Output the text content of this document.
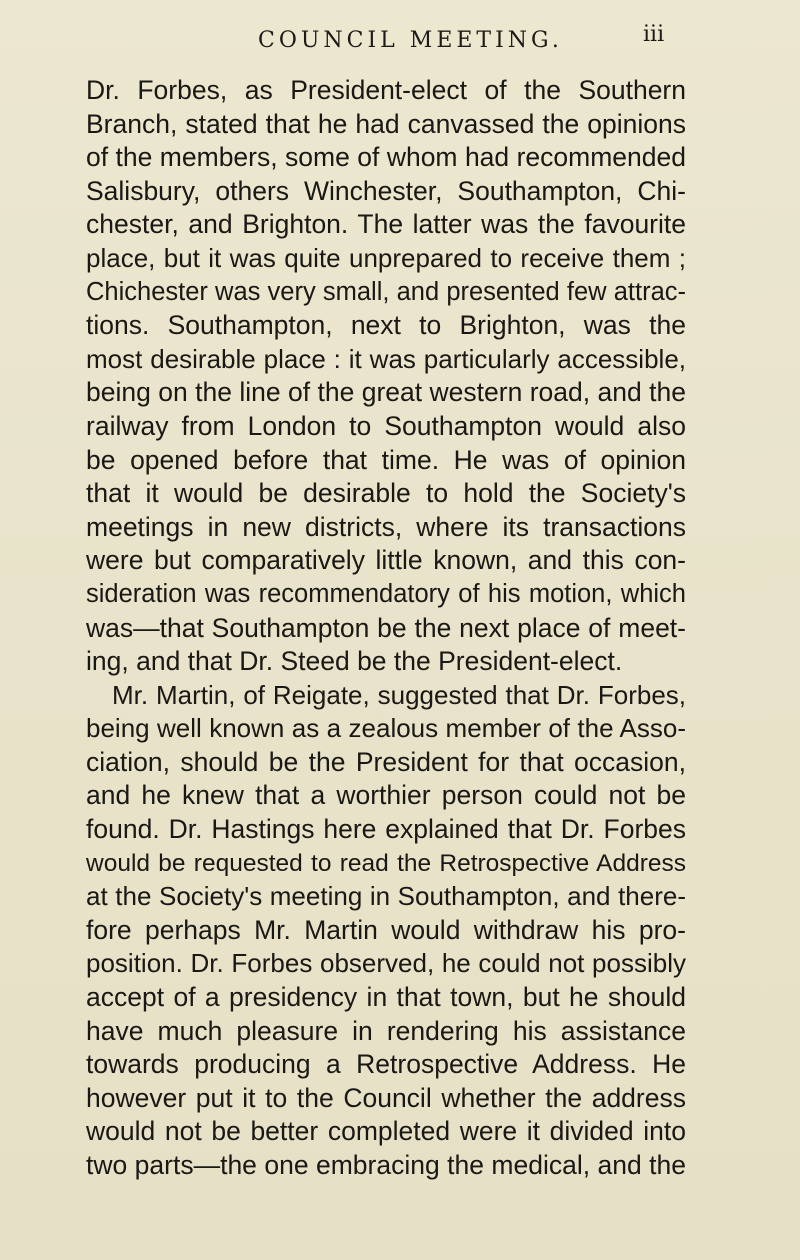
COUNCIL MEETING.	iii
Dr. Forbes, as President-elect of the Southern
Branch, stated that he had canvassed the opinions
of the members, some of whom had recommended
Salisbury, others Winchester, Southampton, Chi-
chester, and Brighton. The latter was the favourite
place, but it was quite unprepared to receive them ;
Chichester was very small, and presented few attrac-
tions. Southampton, next to Brighton, was the
most desirable place : it was particularly accessible,
being on the line of the great western road, and the
railway from London to Southampton would also
be opened before that time. He was of opinion
that it would be desirable to hold the Society's
meetings in new districts, where its transactions
were but comparatively little known, and this con-
sideration was recommendatory of his motion, which
was—that Southampton be the next place of meet-
ing, and that Dr. Steed be the President-elect.
Mr. Martin, of Reigate, suggested that Dr. Forbes,
being well known as a zealous member of the Asso-
ciation, should be the President for that occasion,
and he knew that a worthier person could not be
found. Dr. Hastings here explained that Dr. Forbes
would be requested to read the Retrospective Address
at the Society's meeting in Southampton, and there-
fore perhaps Mr. Martin would withdraw his pro-
position. Dr. Forbes observed, he could not possibly
accept of a presidency in that town, but he should
have much pleasure in rendering his assistance
towards producing a Retrospective Address. He
however put it to the Council whether the address
would not be better completed were it divided into
two parts—the one embracing the medical, and the
